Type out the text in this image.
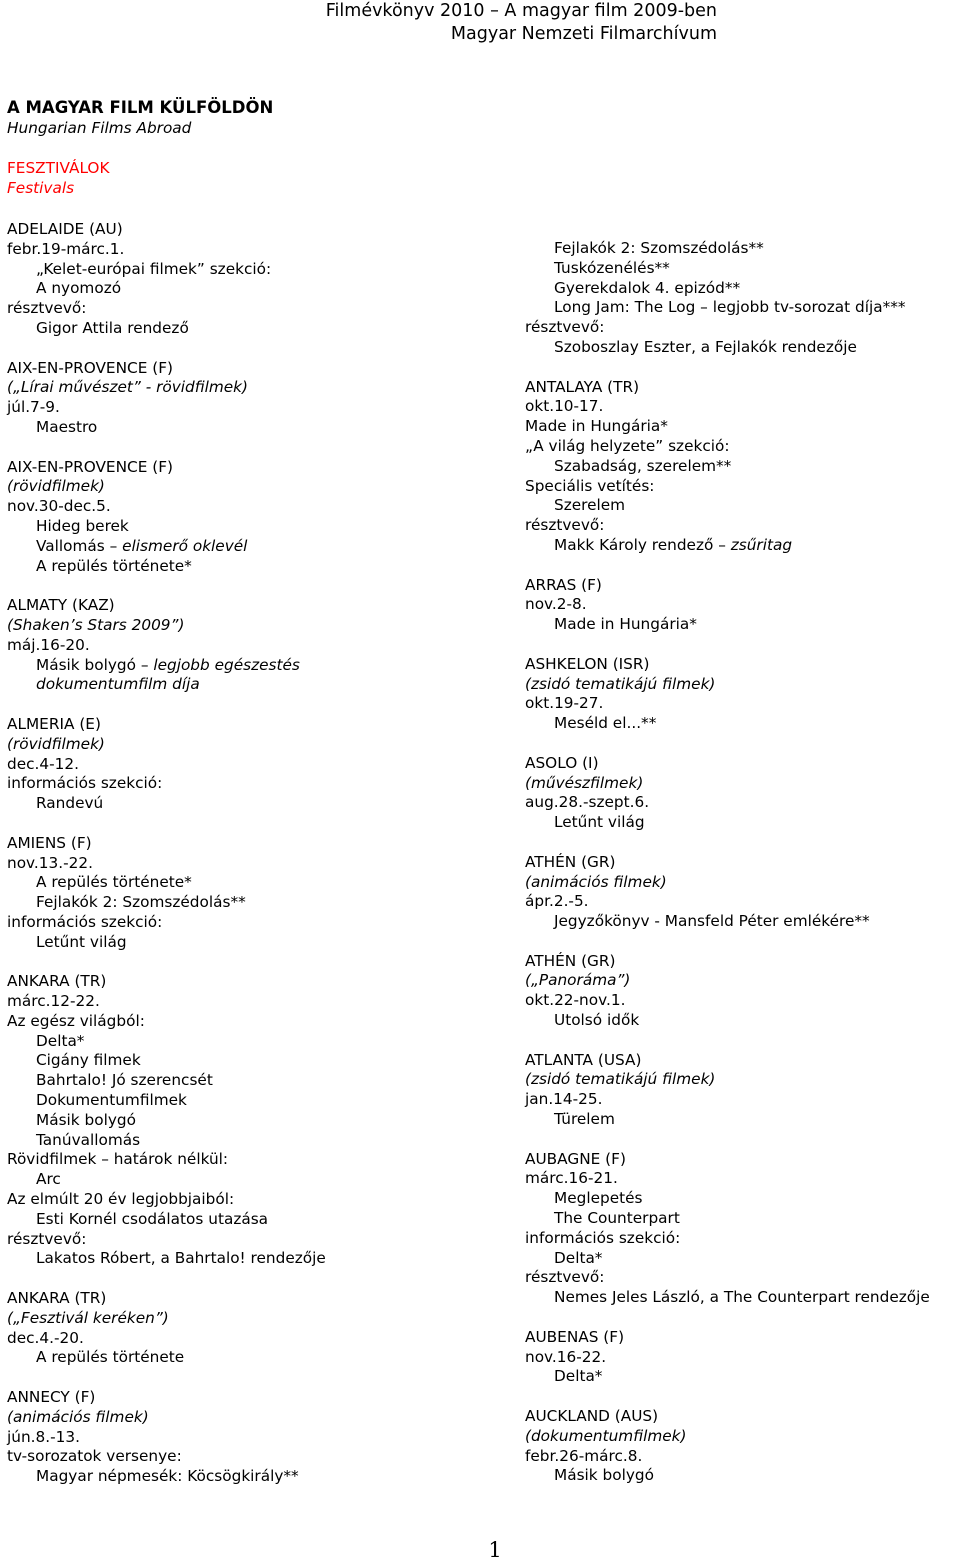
Filmévkönyv 2010 – A magyar film 2009-ben
Magyar Nemzeti Filmarchívum
A MAGYAR FILM KÜLFÖLDÖN
Hungarian Films Abroad
FESZTIVÁLOK
Festivals
ADELAIDE (AU)
febr.19-márc.1.
„Kelet-európai filmek” szekció:
A nyomozó
résztvevő:
Gigor Attila rendező
AIX-EN-PROVENCE (F)
(„Lírai művészet” - rövidfilmek)
júl.7-9.
Maestro
AIX-EN-PROVENCE (F)
(rövidfilmek)
nov.30-dec.5.
Hideg berek
Vallomás – elismerő oklevél
A repülés története*
ALMATY (KAZ)
(Shaken’s Stars 2009”)
máj.16-20.
Másik bolygó – legjobb egészestés
dokumentumfilm díja
ALMERIA (E)
(rövidfilmek)
dec.4-12.
információs szekció:
Randevú
AMIENS (F)
nov.13.-22.
A repülés története*
Fejlakók 2: Szomszédolás**
információs szekció:
Letűnt világ
ANKARA (TR)
márc.12-22.
Az egész világból:
Delta*
Cigány filmek
Bahrtalo! Jó szerencsét
Dokumentumfilmek
Másik bolygó
Tanúvallomás
Rövidfilmek – határok nélkül:
Arc
Az elmúlt 20 év legjobbjaiból:
Esti Kornél csodálatos utazása
résztvevő:
Lakatos Róbert, a Bahrtalo! rendezője
ANKARA (TR)
(„Fesztivál keréken”)
dec.4.-20.
A repülés története
ANNECY (F)
(animációs filmek)
jún.8.-13.
tv-sorozatok versenye:
Magyar népmesék: Köcsögkirály**
Fejlakók 2: Szomszédolás**
Tuskózenélés**
Gyerekdalok 4. epizód**
Long Jam: The Log – legjobb tv-sorozat díja***
résztvevő:
Szoboszlay Eszter, a Fejlakók rendezője
ANTALAYA (TR)
okt.10-17.
Made in Hungária*
„A világ helyzete” szekció:
Szabadság, szerelem**
Speciális vetítés:
Szerelem
résztvevő:
Makk Károly rendező – zsűritag
ARRAS (F)
nov.2-8.
Made in Hungária*
ASHKELON (ISR)
(zsidó tematikájú filmek)
okt.19-27.
Meséld el...**
ASOLO (I)
(művészfilmek)
aug.28.-szept.6.
Letűnt világ
ATHÉN (GR)
(animációs filmek)
ápr.2.-5.
Jegyzőkönyv - Mansfeld Péter emlékére**
ATHÉN (GR)
(„Panoráma”)
okt.22-nov.1.
Utolsó idők
ATLANTA (USA)
(zsidó tematikájú filmek)
jan.14-25.
Türelem
AUBAGNE (F)
márc.16-21.
Meglepetés
The Counterpart
információs szekció:
Delta*
résztvevő:
Nemes Jeles László, a The Counterpart rendezője
AUBENAS (F)
nov.16-22.
Delta*
AUCKLAND (AUS)
(dokumentumfilmek)
febr.26-márc.8.
Másik bolygó
1
